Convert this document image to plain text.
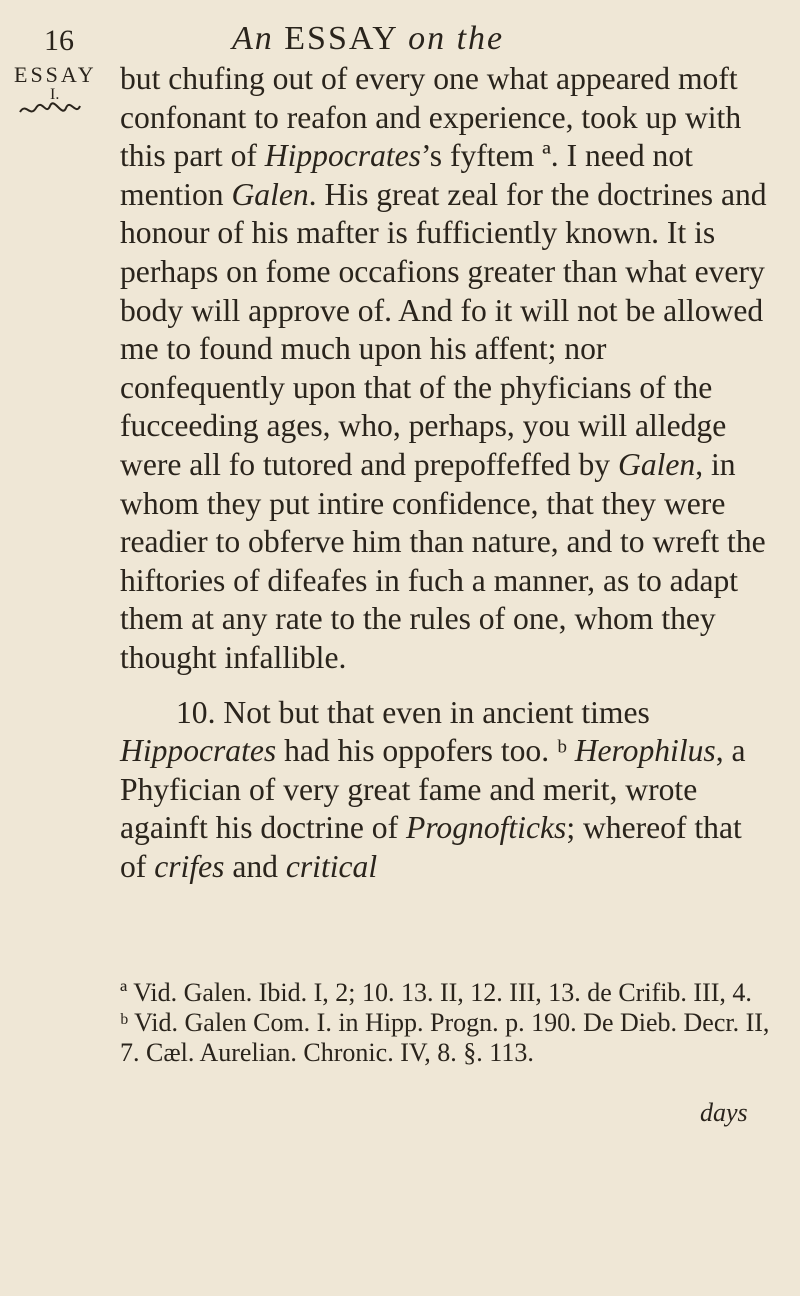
16	An ESSAY on the
ESSAY
I. but chufing out of every one what appeared moft confonant to reafon and experience, took up with this part of Hippocrates’s fyftem ª. I need not mention Galen. His great zeal for the doctrines and honour of his mafter is fufficiently known. It is perhaps on fome occafions greater than what every body will approve of. And fo it will not be allowed me to found much upon his affent; nor confequently upon that of the phyficians of the fucceeding ages, who, perhaps, you will alledge were all fo tutored and prepoffeffed by Galen, in whom they put intire confidence, that they were readier to obferve him than nature, and to wreft the hiftories of difeafes in fuch a manner, as to adapt them at any rate to the rules of one, whom they thought infallible.

10. Not but that even in ancient times Hippocrates had his oppofers too. ᵇ Herophilus, a Phyfician of very great fame and merit, wrote againft his doctrine of Prognofticks; whereof that of crifes and critical

ª Vid. Galen. Ibid. I, 2; 10. 13. II, 12. III, 13. de Crifib. III, 4.

ᵇ Vid. Galen Com. I. in Hipp. Progn. p. 190. De Dieb. Decr. II, 7. Cæl. Aurelian. Chronic. IV, 8. §. 113.

days
